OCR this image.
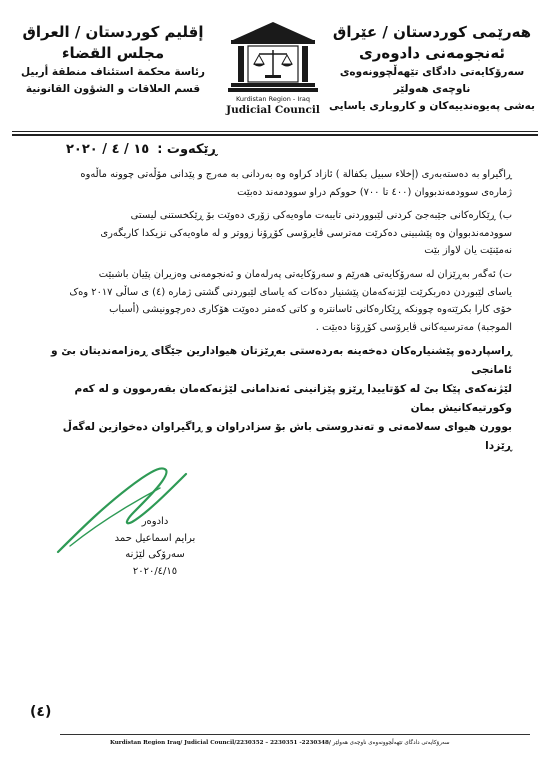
إقليم كوردستان / العراق
مجلس القضاء
رئاسة محكمة استئناف منطقة أربيل
قسم العلاقات و الشؤون القانونية
Kurdistan Region - Iraq
Judicial Council
هەرێمی کوردستان / عێراق
ئەنجومەنی دادوەری
سەرۆکایەتی دادگای تێهەڵچوونەوەی ناوچەی هەولێر
بەشی پەیوەندییەکان و کاروباری یاسایی
ڕێکەوت :١٥ / ٤ / ٢٠٢٠

ڕاگیراو بە دەستەبەری (إخلاء سبیل بکفالة ) ئازاد کراوە وە بەردانی بە مەرج و پێدانی مۆڵەتی چوونە ماڵەوە

ژمارەی سوودمەندبووان (٤٠٠ تا ٧٠٠) حووکم دراو سوودمەند دەبێت

ب) ڕێکارەکانی جێبەجێ کردنی لێبووردنی تایبەت ماوەیەکی زۆری دەوێت بۆ ڕێکخستنی لیستی

سوودمەندبووان وە پێشبینی دەکرێت مەترسی ڤایرۆسی کۆڕۆنا زووتر و لە ماوەیەکی نزیکدا کاریگەری

نەمێنێت یان لاواز بێت

ت) ئەگەر بەڕێزان لە سەرۆکایەتی هەرێم و سەرۆکایەتی پەرلەمان و ئەنجومەنی وەزیران پێیان باشبێت

یاسای لێبوردن دەربکرێت لێژنەکەمان پێشنیار دەکات کە یاسای لێبوردنی گشتی ژمارە (٤) ی ساڵی ٢٠١٧ وەک

خۆی کارا بکرێتەوە چوونکە ڕێکارەکانی ئاسانترە و کاتی کەمتر دەوێت هۆکاری دەرچوونیشی (أسباب

الموجبة) مەترسیەکانی ڤایرۆسی کۆڕۆنا دەبێت .

ڕاسپاردەو پێشنیارەکان دەخەینە بەردەستی بەڕێزتان هیوادارین جێگای ڕەزامەندیتان بێ و ئامانجی

لێژنەکەی پێکا بێ لە کۆتاییدا ڕێزو پێزانینی ئەندامانی لێژنەکەمان بفەرموون و لە کەم وکورتیەکانیش بمان

بوورن هیوای سەلامەتی و تەندروستی باش بۆ سزادراوان و ڕاگیراوان دەخوازین لەگەڵ ڕێزدا

دادوەر
برايم اسماعيل حمد
سەرۆکی لێژنە
٢٠٢٠/٤/١٥
(٤)
Kurdistan Region Iraq/ Judicial Council/2230352 – 2230351 -2230348/ سەرۆکایەتی دادگای تێهەڵچوونەوەی ناوچەی هەولێر
